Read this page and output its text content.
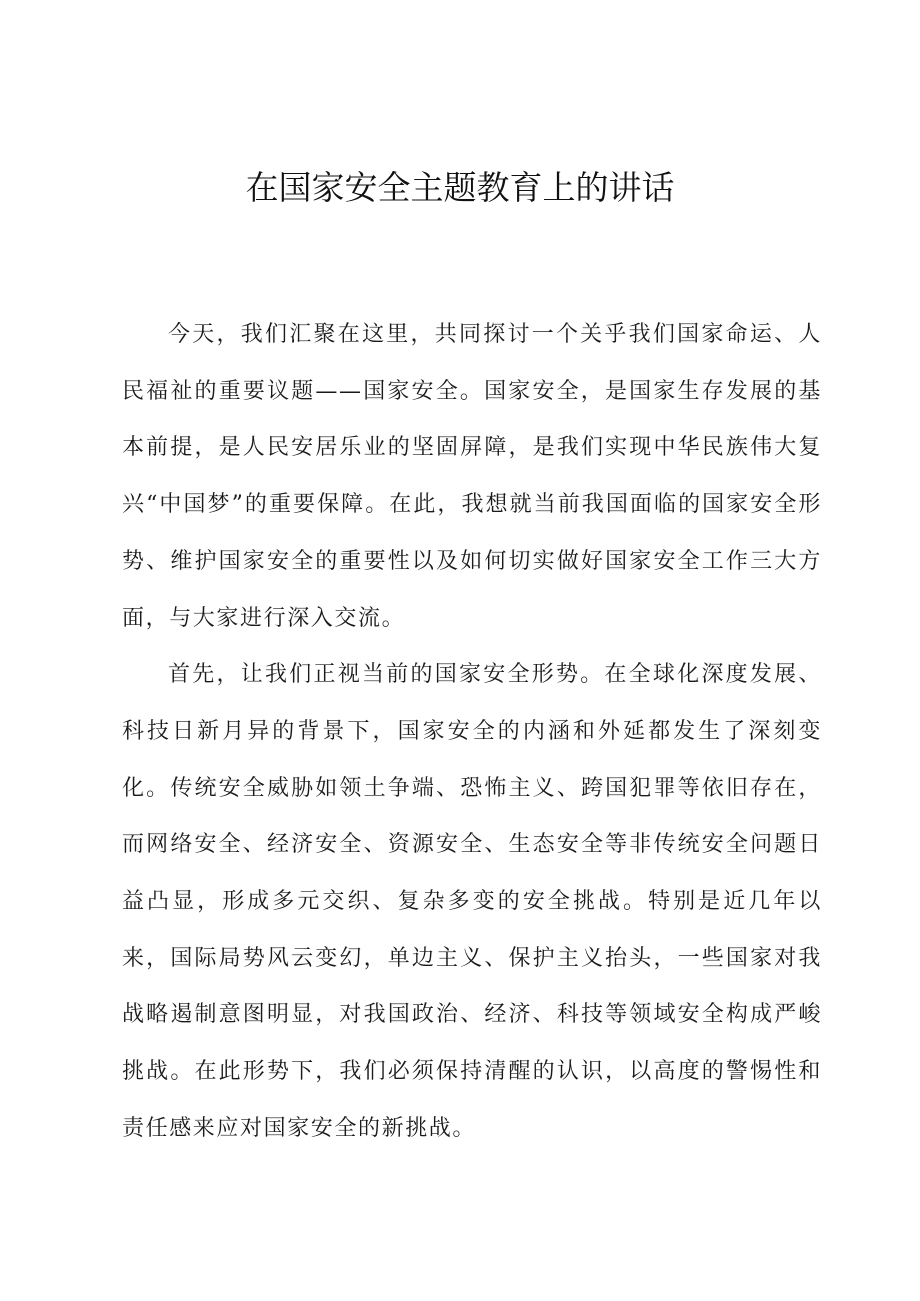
在国家安全主题教育上的讲话

今天，我们汇聚在这里，共同探讨一个关乎我们国家命运、人民福祉的重要议题——国家安全。国家安全，是国家生存发展的基本前提，是人民安居乐业的坚固屏障，是我们实现中华民族伟大复兴“中国梦”的重要保障。在此，我想就当前我国面临的国家安全形势、维护国家安全的重要性以及如何切实做好国家安全工作三大方面，与大家进行深入交流。

首先，让我们正视当前的国家安全形势。在全球化深度发展、科技日新月异的背景下，国家安全的内涵和外延都发生了深刻变化。传统安全威胁如领土争端、恐怖主义、跨国犯罪等依旧存在，而网络安全、经济安全、资源安全、生态安全等非传统安全问题日益凸显，形成多元交织、复杂多变的安全挑战。特别是近几年以来，国际局势风云变幻，单边主义、保护主义抬头，一些国家对我战略遏制意图明显，对我国政治、经济、科技等领域安全构成严峻挑战。在此形势下，我们必须保持清醒的认识，以高度的警惕性和责任感来应对国家安全的新挑战。
